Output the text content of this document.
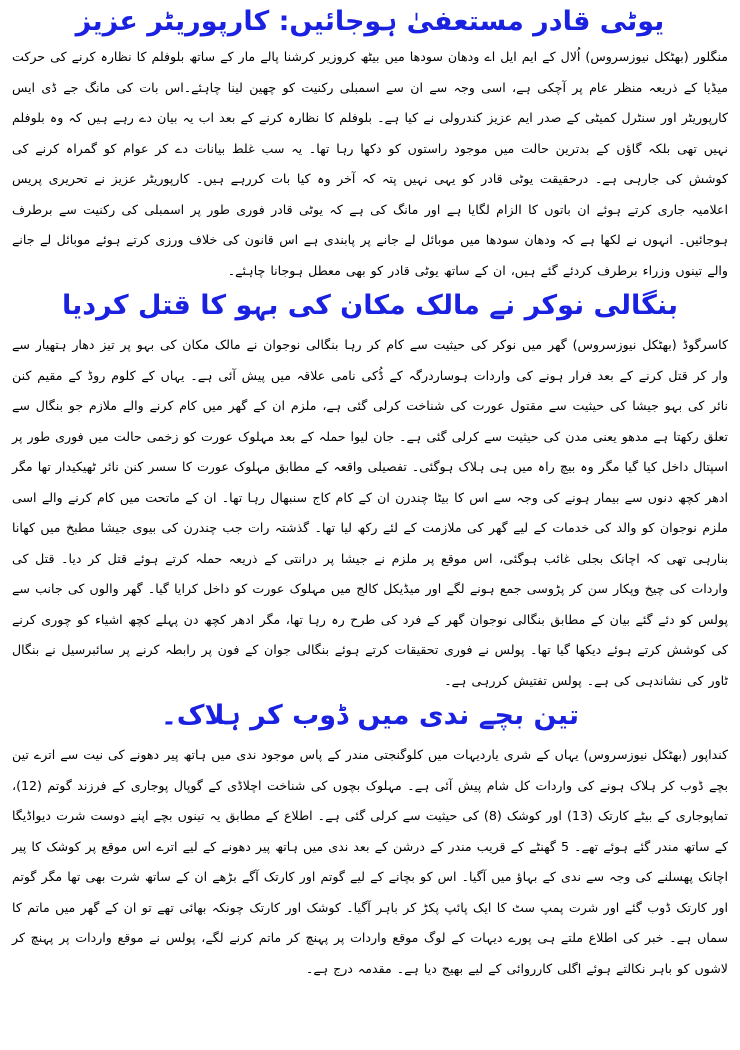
یوٹی قادر مستعفیٰ ہوجائیں: کارپوریٹر عزیز

منگلور (بھٹکل نیوزسروس) اُلال کے ایم ایل اے ودھان سودھا میں بیٹھ کروزیر کرشنا پالے مار کے ساتھ بلوفلم کا نظارہ کرنے کی حرکت میڈیا کے ذریعہ منظر عام پر آچکی ہے، اسی وجہ سے ان سے اسمبلی رکنیت کو چھین لینا چاہئے۔اس بات کی مانگ جے ڈی ایس کارپوریٹر اور سنٹرل کمیٹی کے صدر ایم عزیز کندرولی نے کیا ہے۔ بلوفلم کا نظارہ کرنے کے بعد اب یہ بیان دے رہے ہیں کہ وہ بلوفلم نہیں تھی بلکہ گاؤں کے بدترین حالت میں موجود راستوں کو دکھا رہا تھا۔ یہ سب غلط بیانات دے کر عوام کو گمراہ کرنے کی کوشش کی جارہی ہے۔ درحقیقت یوٹی قادر کو یہی نہیں پتہ کہ آخر وہ کیا بات کررہے ہیں۔ کارپوریٹر عزیز نے تحریری پریس اعلامیہ جاری کرتے ہوئے ان باتوں کا الزام لگایا ہے اور مانگ کی ہے کہ یوٹی قادر فوری طور پر اسمبلی کی رکنیت سے برطرف ہوجائیں۔ انہوں نے لکھا ہے کہ ودھان سودھا میں موبائل لے جانے پر پابندی ہے اس قانون کی خلاف ورزی کرتے ہوئے موبائل لے جانے والے تینوں وزراء برطرف کردئے گئے ہیں، ان کے ساتھ یوٹی قادر کو بھی معطل ہوجانا چاہئے۔

بنگالی نوکر نے مالک مکان کی بہو کا قتل کردیا

کاسرگوڈ (بھٹکل نیوزسروس) گھر میں نوکر کی حیثیت سے کام کر رہا بنگالی نوجوان نے مالک مکان کی بہو پر تیز دھار ہتھیار سے وار کر قتل کرنے کے بعد فرار ہونے کی واردات ہوساردرگہ کے ڈُکی نامی علاقہ میں پیش آئی ہے۔ یہاں کے کلوم روڈ کے مقیم کنن نائر کی بہو جیشا کی حیثیت سے مقتول عورت کی شناخت کرلی گئی ہے، ملزم ان کے گھر میں کام کرنے والے ملازم جو بنگال سے تعلق رکھتا ہے مدھو یعنی مدن کی حیثیت سے کرلی گئی ہے۔ جان لیوا حملہ کے بعد مہلوک عورت کو زخمی حالت میں فوری طور پر اسپتال داخل کیا گیا مگر وہ بیچ راہ میں ہی ہلاک ہوگئی۔ تفصیلی واقعہ کے مطابق مہلوک عورت کا سسر کنن نائر ٹھیکیدار تھا مگر ادھر کچھ دنوں سے بیمار ہونے کی وجہ سے اس کا بیٹا چندرن ان کے کام کاج سنبھال رہا تھا۔ ان کے ماتحت میں کام کرنے والے اسی ملزم نوجوان کو والد کی خدمات کے لیے گھر کی ملازمت کے لئے رکھ لیا تھا۔ گذشتہ رات جب چندرن کی بیوی جیشا مطبخ میں کھانا بنارہی تھی کہ اچانک بجلی غائب ہوگئی، اس موقع پر ملزم نے جیشا پر درانتی کے ذریعہ حملہ کرتے ہوئے قتل کر دیا۔ قتل کی واردات کی چیخ وپکار سن کر پڑوسی جمع ہونے لگے اور میڈیکل کالج میں مہلوک عورت کو داخل کرایا گیا۔ گھر والوں کی جانب سے پولس کو دئے گئے بیان کے مطابق بنگالی نوجوان گھر کے فرد کی طرح رہ رہا تھا، مگر ادھر کچھ دن پہلے کچھ اشیاء کو چوری کرنے کی کوشش کرتے ہوئے دیکھا گیا تھا۔ پولس نے فوری تحقیقات کرتے ہوئے بنگالی جوان کے فون پر رابطہ کرنے پر سائبرسیل نے بنگال ٹاور کی نشاندہی کی ہے۔ پولس تفتیش کررہی ہے۔

تین بچے ندی میں ڈوب کر ہلاک۔

کنداپور (بھٹکل نیوزسروس) یہاں کے شری یاردیہات میں کلوگنجتی مندر کے پاس موجود ندی میں ہاتھ پیر دھونے کی نیت سے اترے تین بچے ڈوب کر ہلاک ہونے کی واردات کل شام پیش آئی ہے۔ مہلوک بچوں کی شناخت اچلاڈی کے گوپال پوجاری کے فرزند گوتم (12)، تماپوجاری کے بیٹے کارتک (13) اور کوشک (8) کی حیثیت سے کرلی گئی ہے۔ اطلاع کے مطابق یہ تینوں بچے اپنے دوست شرت دیواڈیگا کے ساتھ مندر گئے ہوئے تھے۔ 5 گھنٹے کے قریب مندر کے درشن کے بعد ندی میں ہاتھ پیر دھونے کے لیے اترے اس موقع پر کوشک کا پیر اچانک پھسلنے کی وجہ سے ندی کے بہاؤ میں آگیا۔ اس کو بچانے کے لیے گوتم اور کارتک آگے بڑھے ان کے ساتھ شرت بھی تھا مگر گوتم اور کارتک ڈوب گئے اور شرت پمپ سٹ کا ایک پائپ پکڑ کر باہر آگیا۔ کوشک اور کارتک چونکہ بھائی تھے تو ان کے گھر میں ماتم کا سماں ہے۔ خبر کی اطلاع ملتے ہی پورے دیہات کے لوگ موقع واردات پر پہنچ کر ماتم کرنے لگے، پولس نے موقع واردات پر پہنچ کر لاشوں کو باہر نکالتے ہوئے اگلی کارروائی کے لیے بھیج دیا ہے۔ مقدمہ درج ہے۔
